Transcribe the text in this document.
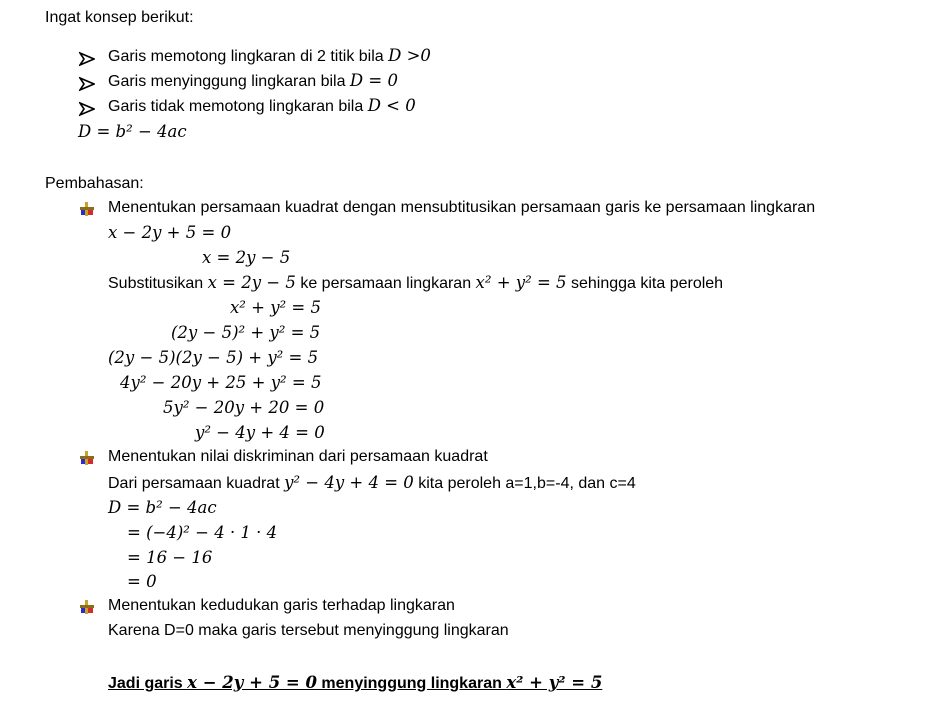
Ingat konsep berikut:
Garis memotong lingkaran di 2 titik bila D >0
Garis menyinggung lingkaran bila D = 0
Garis tidak memotong lingkaran bila D < 0
D = b² − 4ac
Pembahasan:
Menentukan persamaan kuadrat dengan mensubtitusikan persamaan garis ke persamaan lingkaran
x − 2y + 5 = 0
x = 2y − 5
Substitusikan x = 2y − 5 ke persamaan lingkaran x² + y² = 5 sehingga kita peroleh
x² + y² = 5
(2y − 5)² + y² = 5
(2y − 5)(2y − 5) + y² = 5
4y² − 20y + 25 + y² = 5
5y² − 20y + 20 = 0
y² − 4y + 4 = 0
Menentukan nilai diskriminan dari persamaan kuadrat
Dari persamaan kuadrat y² − 4y + 4 = 0 kita peroleh a=1,b=-4, dan c=4
D = b² − 4ac
= (−4)² − 4 · 1 · 4
= 16 − 16
= 0
Menentukan kedudukan garis terhadap lingkaran
Karena D=0 maka garis tersebut menyinggung lingkaran
Jadi garis x − 2y + 5 = 0 menyinggung lingkaran x² + y² = 5
